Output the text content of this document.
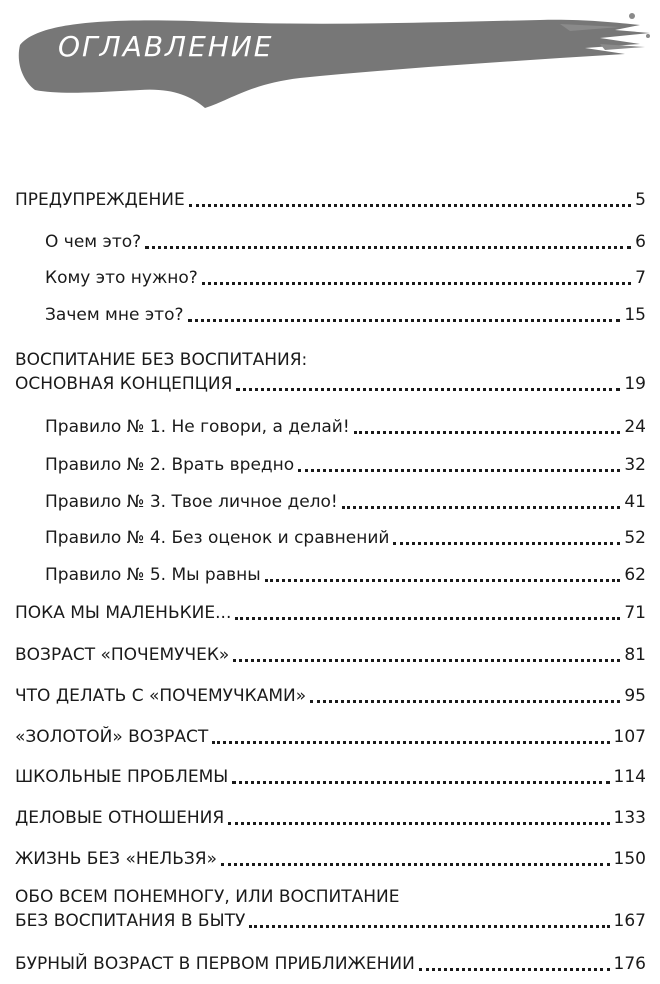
ОГЛАВЛЕНИЕ
ПРЕДУПРЕЖДЕНИЕ	5
О чем это?	6
Кому это нужно?	7
Зачем мне это?	15
ВОСПИТАНИЕ БЕЗ ВОСПИТАНИЯ:
ОСНОВНАЯ КОНЦЕПЦИЯ	19
Правило № 1. Не говори, а делай!	24
Правило № 2. Врать вредно	32
Правило № 3. Твое личное дело!	41
Правило № 4. Без оценок и сравнений	52
Правило № 5. Мы равны	62
ПОКА МЫ МАЛЕНЬКИЕ...	71
ВОЗРАСТ «ПОЧЕМУЧЕК»	81
ЧТО ДЕЛАТЬ С «ПОЧЕМУЧКАМИ»	95
«ЗОЛОТОЙ» ВОЗРАСТ	107
ШКОЛЬНЫЕ ПРОБЛЕМЫ	114
ДЕЛОВЫЕ ОТНОШЕНИЯ	133
ЖИЗНЬ БЕЗ «НЕЛЬЗЯ»	150
ОБО ВСЕМ ПОНЕМНОГУ, ИЛИ ВОСПИТАНИЕ
БЕЗ ВОСПИТАНИЯ В БЫТУ	167
БУРНЫЙ ВОЗРАСТ В ПЕРВОМ ПРИБЛИЖЕНИИ	176
